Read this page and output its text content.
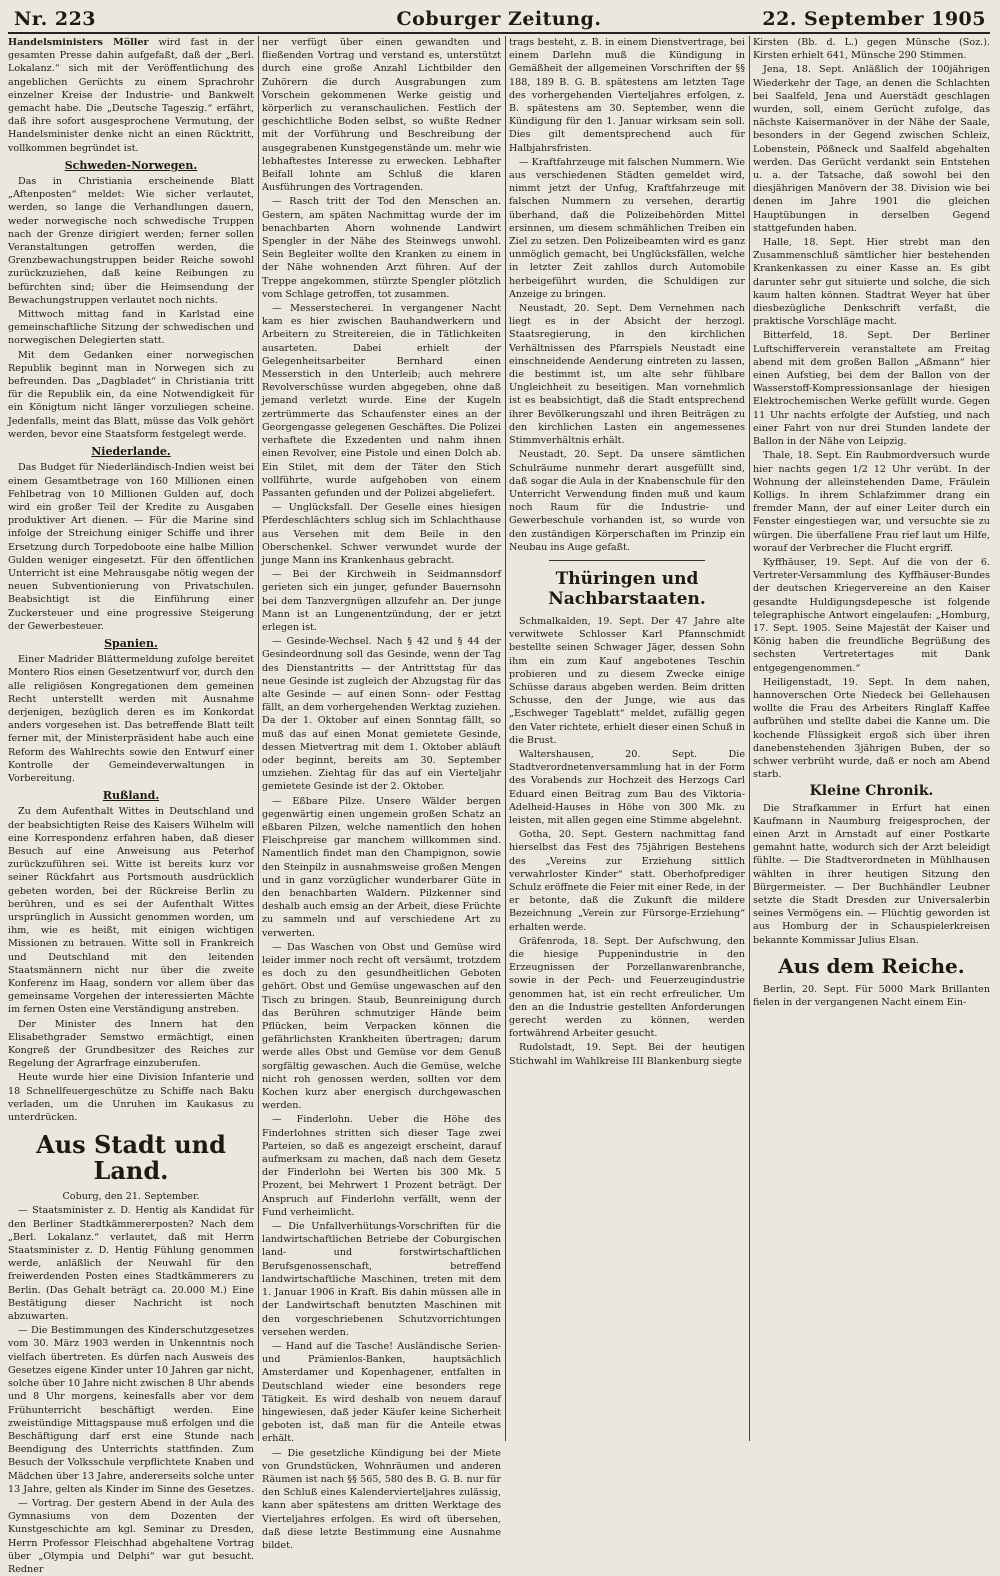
Nr. 223	Coburger Zeitung.	22. September 1905

Handelsministers Möller wird fast in der gesamten Presse dahin aufgefaßt, daß der „Berl. Lokalanz.“ sich mit der Veröffentlichung des angeblichen Gerüchts zu einem Sprachrohr einzelner Kreise der Industrie- und Bankwelt gemacht habe. Die „Deutsche Tageszig.“ erfährt, daß ihre sofort ausgesprochene Vermutung, der Handelsminister denke nicht an einen Rücktritt, vollkommen begründet ist.

Schweden-Norwegen.

Das in Christiania erscheinende Blatt „Aftenposten“ meldet: Wie sicher verlautet, werden, so lange die Verhandlungen dauern, weder norwegische noch schwedische Truppen nach der Grenze dirigiert werden; ferner sollen Veranstaltungen getroffen werden, die Grenzbewachungstruppen beider Reiche sowohl zurückzuziehen, daß keine Reibungen zu befürchten sind; über die Heimsendung der Bewachungstruppen verlautet noch nichts.

Mittwoch mittag fand in Karlstad eine gemeinschaftliche Sitzung der schwedischen und norwegischen Delegierten statt.

Mit dem Gedanken einer norwegischen Republik beginnt man in Norwegen sich zu befreunden. Das „Dagbladet“ in Christiania tritt für die Republik ein, da eine Notwendigkeit für ein Königtum nicht länger vorzuliegen scheine. Jedenfalls, meint das Blatt, müsse das Volk gehört werden, bevor eine Staatsform festgelegt werde.

Niederlande.

Das Budget für Niederländisch-Indien weist bei einem Gesamtbetrage von 160 Millionen einen Fehlbetrag von 10 Millionen Gulden auf, doch wird ein großer Teil der Kredite zu Ausgaben produktiver Art dienen. — Für die Marine sind infolge der Streichung einiger Schiffe und ihrer Ersetzung durch Torpedoboote eine halbe Million Gulden weniger eingesetzt. Für den öffentlichen Unterricht ist eine Mehrausgabe nötig wegen der neuen Subventionierung von Privatschulen. Beabsichtigt ist die Einführung einer Zuckersteuer und eine progressive Steigerung der Gewerbesteuer.

Spanien.

Einer Madrider Blättermeldung zufolge bereitet Montero Rios einen Gesetzentwurf vor, durch den alle religiösen Kongregationen dem gemeinen Recht unterstellt werden mit Ausnahme derjenigen, bezüglich deren es im Konkordat anders vorgesehen ist. Das betreffende Blatt teilt ferner mit, der Ministerpräsident habe auch eine Reform des Wahlrechts sowie den Entwurf einer Kontrolle der Gemeindeverwaltungen in Vorbereitung.

Rußland.

Zu dem Aufenthalt Wittes in Deutschland und der beabsichtigten Reise des Kaisers Wilhelm will eine Korrespondenz erfahren haben, daß dieser Besuch auf eine Anweisung aus Peterhof zurückzuführen sei. Witte ist bereits kurz vor seiner Rückfahrt aus Portsmouth ausdrücklich gebeten worden, bei der Rückreise Berlin zu berühren, und es sei der Aufenthalt Wittes ursprünglich in Aussicht genommen worden, um ihm, wie es heißt, mit einigen wichtigen Missionen zu betrauen. Witte soll in Frankreich und Deutschland mit den leitenden Staatsmännern nicht nur über die zweite Konferenz im Haag, sondern vor allem über das gemeinsame Vorgehen der interessierten Mächte im fernen Osten eine Verständigung anstreben.

Der Minister des Innern hat den Elisabethgrader Semstwo ermächtigt, einen Kongreß der Grundbesitzer des Reiches zur Regelung der Agrarfrage einzuberufen.

Heute wurde hier eine Division Infanterie und 18 Schnellfeuergeschütze zu Schiffe nach Baku verladen, um die Unruhen im Kaukasus zu unterdrücken.

Aus Stadt und Land.

Coburg, den 21. September.

— Staatsminister z. D. Hentig als Kandidat für den Berliner Stadtkämmererposten? Nach dem „Berl. Lokalanz.“ verlautet, daß mit Herrn Staatsminister z. D. Hentig Fühlung genommen werde, anläßlich der Neuwahl für den freiwerdenden Posten eines Stadtkämmerers zu Berlin. (Das Gehalt beträgt ca. 20.000 M.) Eine Bestätigung dieser Nachricht ist noch abzuwarten.

— Die Bestimmungen des Kinderschutzgesetzes vom 30. März 1903 werden in Unkenntnis noch vielfach übertreten. Es dürfen nach Ausweis des Gesetzes eigene Kinder unter 10 Jahren gar nicht, solche über 10 Jahre nicht zwischen 8 Uhr abends und 8 Uhr morgens, keinesfalls aber vor dem Frühunterricht beschäftigt werden. Eine zweistündige Mittagspause muß erfolgen und die Beschäftigung darf erst eine Stunde nach Beendigung des Unterrichts stattfinden. Zum Besuch der Volksschule verpflichtete Knaben und Mädchen über 13 Jahre, andererseits solche unter 13 Jahre, gelten als Kinder im Sinne des Gesetzes.

— Vortrag. Der gestern Abend in der Aula des Gymnasiums von dem Dozenten der Kunstgeschichte am kgl. Seminar zu Dresden, Herrn Professor Fleischhad abgehaltene Vortrag über „Olympia und Delphi“ war gut besucht. Redner

ner verfügt über einen gewandten und fließenden Vortrag und verstand es, unterstützt durch eine große Anzahl Lichtbilder den Zuhörern die durch Ausgrabungen zum Vorschein gekommenen Werke geistig und körperlich zu veranschaulichen. Festlich der geschichtliche Boden selbst, so wußte Redner mit der Vorführung und Beschreibung der ausgegrabenen Kunstgegenstände um. mehr wie lebhaftestes Interesse zu erwecken. Lebhafter Beifall lohnte am Schluß die klaren Ausführungen des Vortragenden.

— Rasch tritt der Tod den Menschen an. Gestern, am späten Nachmittag wurde der im benachbarten Ahorn wohnende Landwirt Spengler in der Nähe des Steinwegs unwohl. Sein Begleiter wollte den Kranken zu einem in der Nähe wohnenden Arzt führen. Auf der Treppe angekommen, stürzte Spengler plötzlich vom Schlage getroffen, tot zusammen.

— Messerstecherei. In vergangener Nacht kam es hier zwischen Bauhandwerkern und Arbeitern zu Streitereien, die in Tätlichkeiten ausarteten. Dabei erhielt der Gelegenheitsarbeiter Bernhard einen Messerstich in den Unterleib; auch mehrere Revolverschüsse wurden abgegeben, ohne daß jemand verletzt wurde. Eine der Kugeln zertrümmerte das Schaufenster eines an der Georgengasse gelegenen Geschäftes. Die Polizei verhaftete die Exzedenten und nahm ihnen einen Revolver, eine Pistole und einen Dolch ab. Ein Stilet, mit dem der Täter den Stich vollführte, wurde aufgehoben von einem Passanten gefunden und der Polizei abgeliefert.

— Unglücksfall. Der Geselle eines hiesigen Pferdeschlächters schlug sich im Schlachthause aus Versehen mit dem Beile in den Oberschenkel. Schwer verwundet wurde der junge Mann ins Krankenhaus gebracht.

— Bei der Kirchweih in Seidmannsdorf gerieten sich ein junger, gefunder Bauernsohn bei dem Tanzvergnügen allzufehr an. Der junge Mann ist an Lungenentzündung, der er jetzt erlegen ist.

— Gesinde-Wechsel. Nach § 42 und § 44 der Gesindeordnung soll das Gesinde, wenn der Tag des Dienstantritts — der Antrittstag für das neue Gesinde ist zugleich der Abzugstag für das alte Gesinde — auf einen Sonn- oder Festtag fällt, an dem vorhergehenden Werktag zuziehen. Da der 1. Oktober auf einen Sonntag fällt, so muß das auf einen Monat gemietete Gesinde, dessen Mietvertrag mit dem 1. Oktober abläuft oder beginnt, bereits am 30. September umziehen. Ziehtag für das auf ein Vierteljahr gemietete Gesinde ist der 2. Oktober.

— Eßbare Pilze. Unsere Wälder bergen gegenwärtig einen ungemein großen Schatz an eßbaren Pilzen, welche namentlich den hohen Fleischpreise gar manchem willkommen sind. Namentlich findet man den Champignon, sowie den Steinpilz in ausnahmsweise großen Mengen und in ganz vorzüglicher wunderbarer Güte in den benachbarten Waldern. Pilzkenner sind deshalb auch emsig an der Arbeit, diese Früchte zu sammeln und auf verschiedene Art zu verwerten.

— Das Waschen von Obst und Gemüse wird leider immer noch recht oft versäumt, trotzdem es doch zu den gesundheitlichen Geboten gehört. Obst und Gemüse ungewaschen auf den Tisch zu bringen. Staub, Beunreinigung durch das Berühren schmutziger Hände beim Pflücken, beim Verpacken können die gefährlichsten Krankheiten übertragen; darum werde alles Obst und Gemüse vor dem Genuß sorgfältig gewaschen. Auch die Gemüse, welche nicht roh genossen werden, sollten vor dem Kochen kurz aber energisch durchgewaschen werden.

— Finderlohn. Ueber die Höhe des Finderlohnes stritten sich dieser Tage zwei Parteien, so daß es angezeigt erscheint, darauf aufmerksam zu machen, daß nach dem Gesetz der Finderlohn bei Werten bis 300 Mk. 5 Prozent, bei Mehrwert 1 Prozent beträgt. Der Anspruch auf Finderlohn verfällt, wenn der Fund verheimlicht.

— Die Unfallverhütungs-Vorschriften für die landwirtschaftlichen Betriebe der Coburgischen land- und forstwirtschaftlichen Berufsgenossenschaft, betreffend landwirtschaftliche Maschinen, treten mit dem 1. Januar 1906 in Kraft. Bis dahin müssen alle in der Landwirtschaft benutzten Maschinen mit den vorgeschriebenen Schutzvorrichtungen versehen werden.

— Hand auf die Tasche! Ausländische Serien- und Prämienlos-Banken, hauptsächlich Amsterdamer und Kopenhagener, entfalten in Deutschland wieder eine besonders rege Tätigkeit. Es wird deshalb von neuem darauf hingewiesen, daß jeder Käufer keine Sicherheit geboten ist, daß man für die Anteile etwas erhält.

— Die gesetzliche Kündigung bei der Miete von Grundstücken, Wohnräumen und anderen Räumen ist nach §§ 565, 580 des B. G. B. nur für den Schluß eines Kalendervierteljahres zulässig, kann aber spätestens am dritten Werktage des Vierteljahres erfolgen. Es wird oft übersehen, daß diese letzte Bestimmung eine Ausnahme bildet.

trags besteht, z. B. in einem Dienstvertrage, bei einem Darlehn muß die Kündigung in Gemäßheit der allgemeinen Vorschriften der §§ 188, 189 B. G. B. spätestens am letzten Tage des vorhergehenden Vierteljahres erfolgen, z. B. spätestens am 30. September, wenn die Kündigung für den 1. Januar wirksam sein soll. Dies gilt dementsprechend auch für Halbjahrsfristen.

— Kraftfahrzeuge mit falschen Nummern. Wie aus verschiedenen Städten gemeldet wird, nimmt jetzt der Unfug, Kraftfahrzeuge mit falschen Nummern zu versehen, derartig überhand, daß die Polizeibehörden Mittel ersinnen, um diesem schmählichen Treiben ein Ziel zu setzen. Den Polizeibeamten wird es ganz unmöglich gemacht, bei Unglücksfällen, welche in letzter Zeit zahllos durch Automobile herbeigeführt wurden, die Schuldigen zur Anzeige zu bringen.

Neustadt, 20. Sept. Dem Vernehmen nach liegt es in der Absicht der herzogl. Staatsregierung, in den kirchlichen Verhältnissen des Pfarrspiels Neustadt eine einschneidende Aenderung eintreten zu lassen, die bestimmt ist, um alte sehr fühlbare Ungleichheit zu beseitigen. Man vornehmlich ist es beabsichtigt, daß die Stadt entsprechend ihrer Bevölkerungszahl und ihren Beiträgen zu den kirchlichen Lasten ein angemessenes Stimmverhältnis erhält.

Neustadt, 20. Sept. Da unsere sämtlichen Schulräume nunmehr derart ausgefüllt sind, daß sogar die Aula in der Knabenschule für den Unterricht Verwendung finden muß und kaum noch Raum für die Industrie- und Gewerbeschule vorhanden ist, so wurde von den zuständigen Körperschaften im Prinzip ein Neubau ins Auge gefaßt.

Thüringen und Nachbarstaaten.

Schmalkalden, 19. Sept. Der 47 Jahre alte verwitwete Schlosser Karl Pfannschmidt bestellte seinen Schwager Jäger, dessen Sohn ihm ein zum Kauf angebotenes Teschin probieren und zu diesem Zwecke einige Schüsse daraus abgeben werden. Beim dritten Schusse, den der Junge, wie aus das „Eschweger Tageblatt“ meldet, zufällig gegen den Vater richtete, erhielt dieser einen Schuß in die Brust.

Waltershausen, 20. Sept. Die Stadtverordnetenversammlung hat in der Form des Vorabends zur Hochzeit des Herzogs Carl Eduard einen Beitrag zum Bau des Viktoria-Adelheid-Hauses in Höhe von 300 Mk. zu leisten, mit allen gegen eine Stimme abgelehnt.

Gotha, 20. Sept. Gestern nachmittag fand hierselbst das Fest des 75jährigen Bestehens des „Vereins zur Erziehung sittlich verwahrloster Kinder“ statt. Oberhofprediger Schulz eröffnete die Feier mit einer Rede, in der er betonte, daß die Zukunft die mildere Bezeichnung „Verein zur Fürsorge-Erziehung“ erhalten werde.

Gräfenroda, 18. Sept. Der Aufschwung, den die hiesige Puppenindustrie in den Erzeugnissen der Porzellanwarenbranche, sowie in der Pech- und Feuerzeugindustrie genommen hat, ist ein recht erfreulicher. Um den an die Industrie gestellten Anforderungen gerecht werden zu können, werden fortwährend Arbeiter gesucht.

Rudolstadt, 19. Sept. Bei der heutigen Stichwahl im Wahlkreise III Blankenburg siegte

Kirsten (Bb. d. L.) gegen Münsche (Soz.). Kirsten erhielt 641, Münsche 290 Stimmen.

Jena, 18. Sept. Anläßlich der 100jährigen Wiederkehr der Tage, an denen die Schlachten bei Saalfeld, Jena und Auerstädt geschlagen wurden, soll, einem Gerücht zufolge, das nächste Kaisermanöver in der Nähe der Saale, besonders in der Gegend zwischen Schleiz, Lobenstein, Pößneck und Saalfeld abgehalten werden. Das Gerücht verdankt sein Entstehen u. a. der Tatsache, daß sowohl bei den diesjährigen Manövern der 38. Division wie bei denen im Jahre 1901 die gleichen Hauptübungen in derselben Gegend stattgefunden haben.

Halle, 18. Sept. Hier strebt man den Zusammenschluß sämtlicher hier bestehenden Krankenkassen zu einer Kasse an. Es gibt darunter sehr gut situierte und solche, die sich kaum halten können. Stadtrat Weyer hat über diesbezügliche Denkschrift verfaßt, die praktische Vorschläge macht.

Bitterfeld, 18. Sept. Der Berliner Luftschifferverein veranstaltete am Freitag abend mit dem großen Ballon „Aßmann“ hier einen Aufstieg, bei dem der Ballon von der Wasserstoff-Kompressionsanlage der hiesigen Elektrochemischen Werke gefüllt wurde. Gegen 11 Uhr nachts erfolgte der Aufstieg, und nach einer Fahrt von nur drei Stunden landete der Ballon in der Nähe von Leipzig.

Thale, 18. Sept. Ein Raubmordversuch wurde hier nachts gegen 1/2 12 Uhr verübt. In der Wohnung der alleinstehenden Dame, Fräulein Kolligs. In ihrem Schlafzimmer drang ein fremder Mann, der auf einer Leiter durch ein Fenster eingestiegen war, und versuchte sie zu würgen. Die überfallene Frau rief laut um Hilfe, worauf der Verbrecher die Flucht ergriff.

Kyffhäuser, 19. Sept. Auf die von der 6. Vertreter-Versammlung des Kyffhäuser-Bundes der deutschen Kriegervereine an den Kaiser gesandte Huldigungsdepesche ist folgende telegraphische Antwort eingelaufen: „Homburg, 17. Sept. 1905. Seine Majestät der Kaiser und König haben die freundliche Begrüßung des sechsten Vertretertages mit Dank entgegengenommen.“

Heiligenstadt, 19. Sept. In dem nahen, hannoverschen Orte Niedeck bei Gellehausen wollte die Frau des Arbeiters Ringlaff Kaffee aufbrühen und stellte dabei die Kanne um. Die kochende Flüssigkeit ergoß sich über ihren danebenstehenden 3jährigen Buben, der so schwer verbrüht wurde, daß er noch am Abend starb.

Kleine Chronik.

Die Strafkammer in Erfurt hat einen Kaufmann in Naumburg freigesprochen, der einen Arzt in Arnstadt auf einer Postkarte gemahnt hatte, wodurch sich der Arzt beleidigt fühlte. — Die Stadtverordneten in Mühlhausen wählten in ihrer heutigen Sitzung den Bürgermeister. — Der Buchhändler Leubner setzte die Stadt Dresden zur Universalerbin seines Vermögens ein. — Flüchtig geworden ist aus Homburg der in Schauspielerkreisen bekannte Kommissar Julius Elsan.

Aus dem Reiche.

Berlin, 20. Sept. Für 5000 Mark Brillanten fielen in der vergangenen Nacht einem Ein-
